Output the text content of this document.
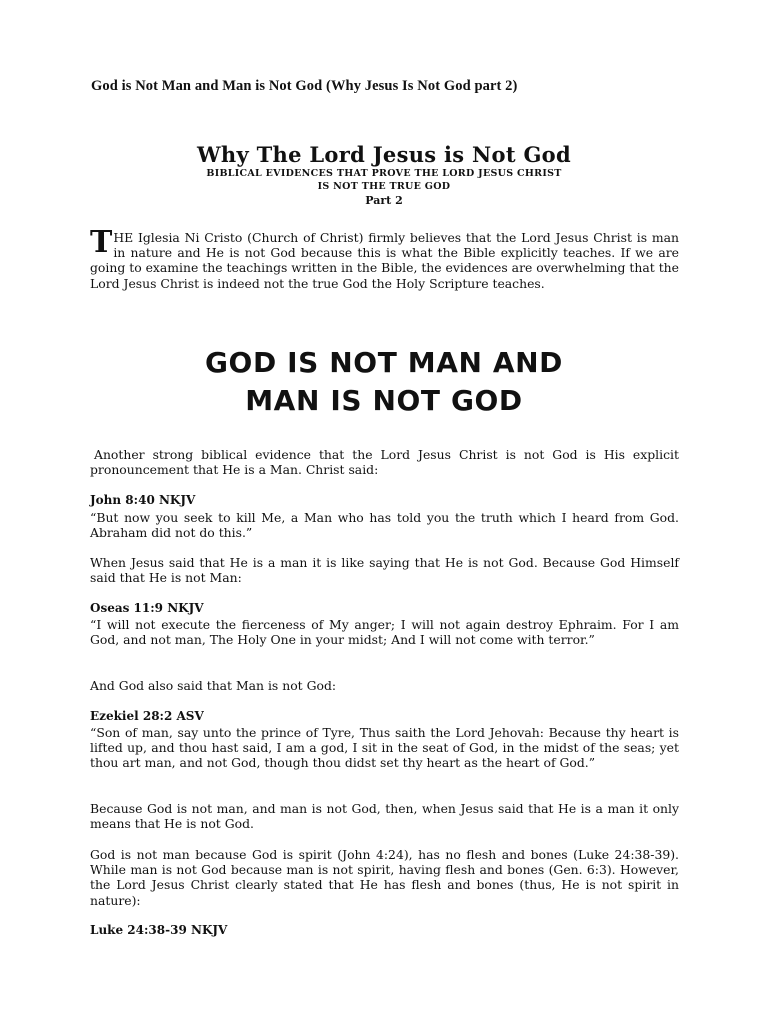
God is Not Man and Man is Not God (Why Jesus Is Not God part 2)
Why The Lord Jesus is Not God
BIBLICAL EVIDENCES THAT PROVE THE LORD JESUS CHRIST
IS NOT THE TRUE GOD
Part 2
THE Iglesia Ni Cristo (Church of Christ) firmly believes that the Lord Jesus Christ is man in nature and He is not God because this is what the Bible explicitly teaches. If we are going to examine the teachings written in the Bible, the evidences are overwhelming that the Lord Jesus Christ is indeed not the true God the Holy Scripture teaches.
GOD IS NOT MAN AND
MAN IS NOT GOD

Another strong biblical evidence that the Lord Jesus Christ is not God is His explicit pronouncement that He is a Man. Christ said:

John 8:40 NKJV

“But now you seek to kill Me, a Man who has told you the truth which I heard from God. Abraham did not do this.”

When Jesus said that He is a man it is like saying that He is not God. Because God Himself said that He is not Man:

Oseas 11:9 NKJV

“I will not execute the fierceness of My anger; I will not again destroy Ephraim. For I am God, and not man, The Holy One in your midst; And I will not come with terror.”

And God also said that Man is not God:

Ezekiel 28:2 ASV

“Son of man, say unto the prince of Tyre, Thus saith the Lord Jehovah: Because thy heart is lifted up, and thou hast said, I am a god, I sit in the seat of God, in the midst of the seas; yet thou art man, and not God, though thou didst set thy heart as the heart of God.”

Because God is not man, and man is not God, then, when Jesus said that He is a man it only means that He is not God.

God is not man because God is spirit (John 4:24), has no flesh and bones (Luke 24:38-39). While man is not God because man is not spirit, having flesh and bones (Gen. 6:3). However, the Lord Jesus Christ clearly stated that He has flesh and bones (thus, He is not spirit in nature):

Luke 24:38-39 NKJV
